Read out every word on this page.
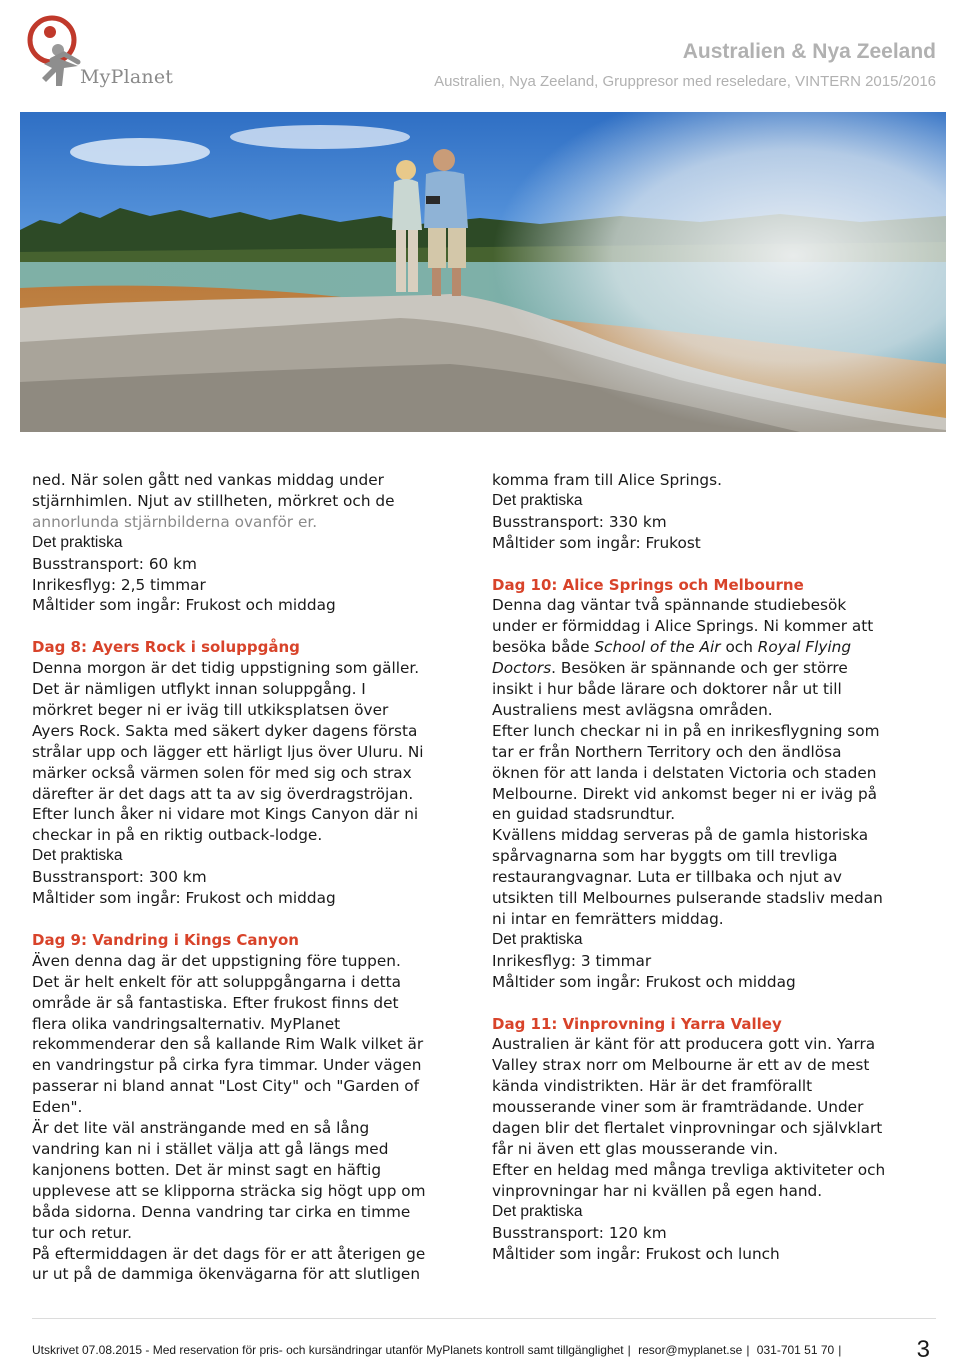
MyPlanet
Australien & Nya Zeeland
Australien, Nya Zeeland, Gruppresor med reseledare, VINTERN 2015/2016

ned. När solen gått ned vankas middag under

stjärnhimlen. Njut av stillheten, mörkret och de

annorlunda stjärnbilderna ovanför er.

Det praktiska

Busstransport: 60 km

Inrikesflyg: 2,5 timmar

Måltider som ingår: Frukost och middag

Dag 8: Ayers Rock i soluppgång

Denna morgon är det tidig uppstigning som gäller.

Det är nämligen utflykt innan soluppgång. I

mörkret beger ni er iväg till utkiksplatsen över

Ayers Rock. Sakta med säkert dyker dagens första

strålar upp och lägger ett härligt ljus över Uluru. Ni

märker också värmen solen för med sig och strax

därefter är det dags att ta av sig överdragströjan.

Efter lunch åker ni vidare mot Kings Canyon där ni

checkar in på en riktig outback-lodge.

Det praktiska

Busstransport: 300 km

Måltider som ingår: Frukost och middag

Dag 9: Vandring i Kings Canyon

Även denna dag är det uppstigning före tuppen.

Det är helt enkelt för att soluppgångarna i detta

område är så fantastiska. Efter frukost finns det

flera olika vandringsalternativ. MyPlanet

rekommenderar den så kallande Rim Walk vilket är

en vandringstur på cirka fyra timmar. Under vägen

passerar ni bland annat "Lost City" och "Garden of

Eden".

Är det lite väl ansträngande med en så lång

vandring kan ni i stället välja att gå längs med

kanjonens botten. Det är minst sagt en häftig

upplevese att se klipporna sträcka sig högt upp om

båda sidorna. Denna vandring tar cirka en timme

tur och retur.

På eftermiddagen är det dags för er att återigen ge

ur ut på de dammiga ökenvägarna för att slutligen

komma fram till Alice Springs.

Det praktiska

Busstransport: 330 km

Måltider som ingår: Frukost

Dag 10: Alice Springs och Melbourne

Denna dag väntar två spännande studiebesök

under er förmiddag i Alice Springs. Ni kommer att

besöka både School of the Air och Royal Flying

Doctors. Besöken är spännande och ger större

insikt i hur både lärare och doktorer når ut till

Australiens mest avlägsna områden.

Efter lunch checkar ni in på en inrikesflygning som

tar er från Northern Territory och den ändlösa

öknen för att landa i delstaten Victoria och staden

Melbourne. Direkt vid ankomst beger ni er iväg på

en guidad stadsrundtur.

Kvällens middag serveras på de gamla historiska

spårvagnarna som har byggts om till trevliga

restaurangvagnar. Luta er tillbaka och njut av

utsikten till Melbournes pulserande stadsliv medan

ni intar en femrätters middag.

Det praktiska

Inrikesflyg: 3 timmar

Måltider som ingår: Frukost och middag

Dag 11: Vinprovning i Yarra Valley

Australien är känt för att producera gott vin. Yarra

Valley strax norr om Melbourne är ett av de mest

kända vindistrikten. Här är det framförallt

mousserande viner som är framträdande. Under

dagen blir det flertalet vinprovningar och självklart

får ni även ett glas mousserande vin.

Efter en heldag med många trevliga aktiviteter och

vinprovningar har ni kvällen på egen hand.

Det praktiska

Busstransport: 120 km

Måltider som ingår: Frukost och lunch

Utskrivet 07.08.2015 - Med reservation för pris- och kursändringar utanför MyPlanets kontroll samt tillgänglighet | resor@myplanet.se | 031-701 51 70 |	3
